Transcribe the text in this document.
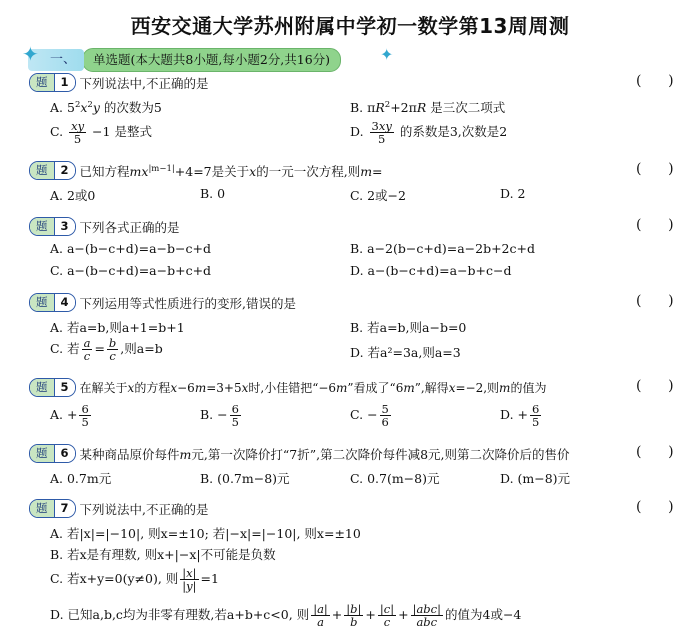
西安交通大学苏州附属中学初一数学第13周周测
✦ 一、	单选题(本大题共8小题,每小题2分,共16分)	✦
题	1 下列说法中,不正确的是	(      )
A. $5^2x^2y$ 的次数为5	B. $\pi R^2+2\pi R$ 是三次二项式
C. $\frac{xy}{5} -1$ 是整式	D. $\frac{3xy}{5}$ 的系数是3,次数是2
题	2 已知方程$mx^{|m-1|}+4=7$是关于x的一元一次方程,则m=	(      )
A. 2或0	B. 0	C. 2或−2	D. 2
题	3 下列各式正确的是	(      )
A. a−(b−c+d)=a−b−c+d	B. a−2(b−c+d)=a−2b+2c+d
C. a−(b−c+d)=a−b+c+d	D. a−(b−c+d)=a−b+c−d
题	4 下列运用等式性质进行的变形,错误的是	(      )
A. 若a=b,则a+1=b+1	B. 若a=b,则a−b=0
C. 若 $\frac{a}{c} = \frac{b}{c}$ ,则a=b	D. 若a²=3a,则a=3
题	5 在解关于x的方程x−6m=3+5x时,小佳错把“−6m”看成了“6m”,解得x=−2,则m的值为	(      )
A. + $\frac{6}{5}$	B. − $\frac{6}{5}$	C. − $\frac{5}{6}$	D. + $\frac{6}{5}$
题	6 某种商品原价每件m元,第一次降价打“7折”,第二次降价每件减8元,则第二次降价后的售价	(      )
A. 0.7m元	B. (0.7m−8)元	C. 0.7(m−8)元	D. (m−8)元
题	7 下列说法中,不正确的是	(      )
A. 若|x|=|−10|, 则x=±10; 若|−x|=|−10|, 则x=±10
B. 若x是有理数, 则x+|−x|不可能是负数
C. 若x+y=0(y≠0), 则 $\frac{|x|}{|y|} =1$
D. 已知a,b,c均为非零有理数,若a+b+c<0, 则 $\frac{|a|}{a} + \frac{|b|}{b} + \frac{|c|}{c} + \frac{\text{|abc|}}{\text{abc}}$ 的值为4或−4
